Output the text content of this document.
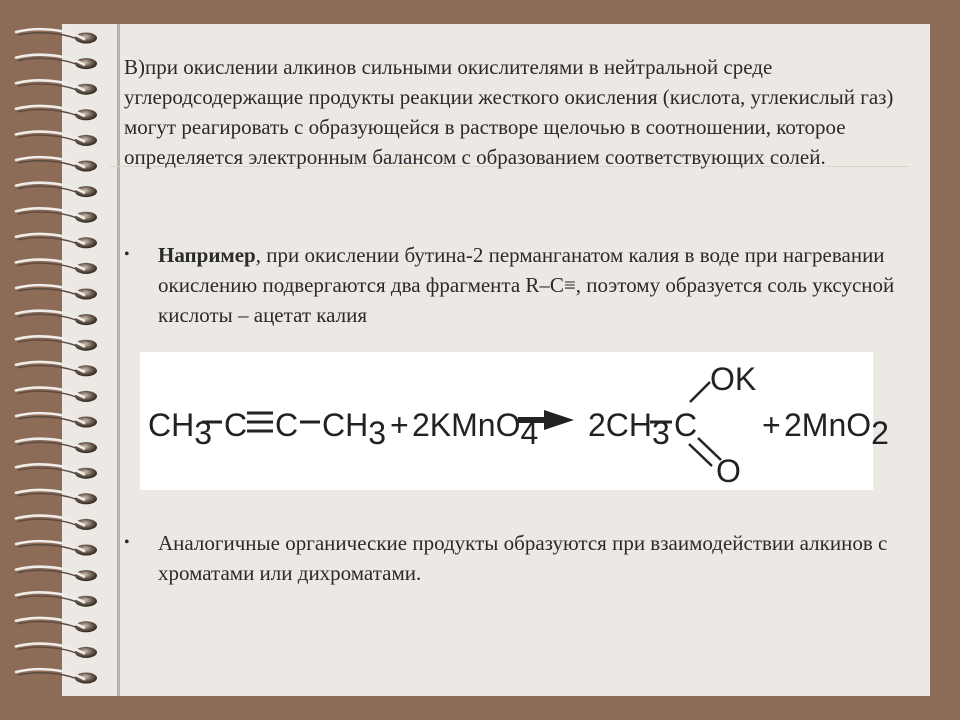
В)при окислении алкинов сильными окислителями в нейтральной среде углеродсодержащие продукты реакции жесткого окисления (кислота, углекислый газ) могут реагировать с образующейся в растворе щелочью в соотношении, которое определяется электронным балансом с образованием соответствующих солей.
• Например, при окислении бутина-2 перманганатом калия в воде при нагревании окислению подвергаются два фрагмента R–C≡, поэтому образуется соль уксусной кислоты – ацетат калия
CH3 C C CH3 + 2KMnO4 2CH3 C
OK
O
+ 2MnO2
• Аналогичные органические продукты образуются при взаимодействии алкинов с хроматами или дихроматами.
